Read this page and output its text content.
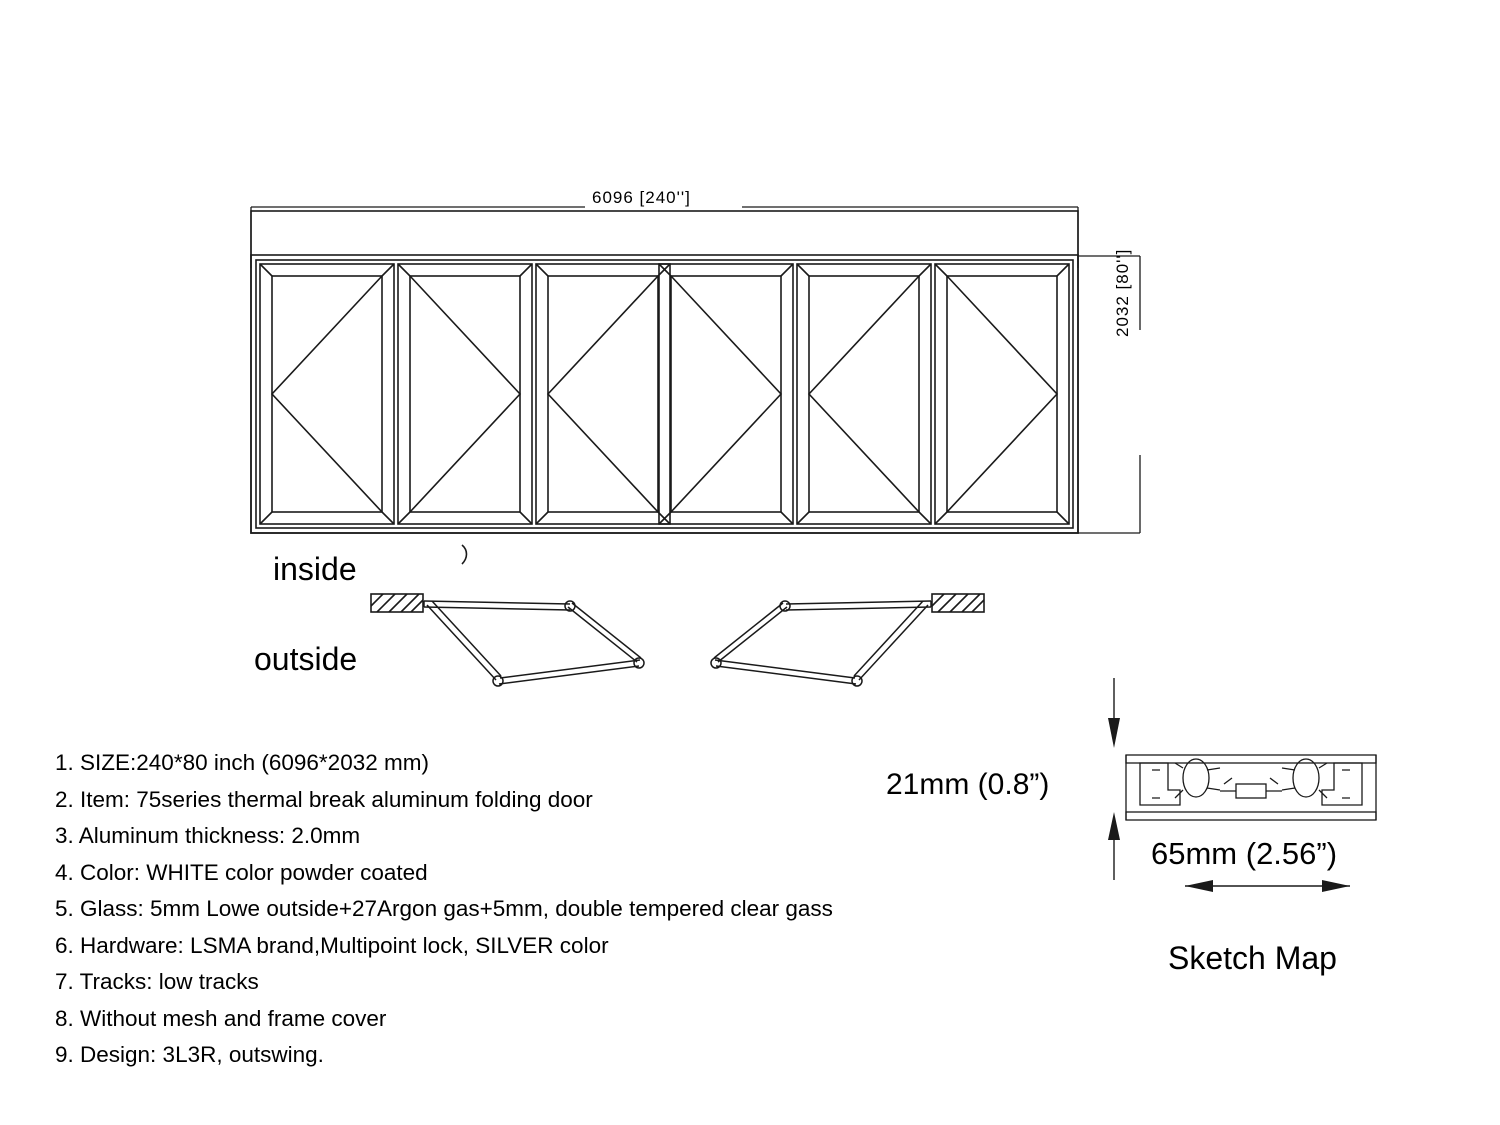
6096 [240'']
2032 [80'']
inside
outside
1. SIZE:240*80 inch (6096*2032 mm)
2. Item: 75series thermal break aluminum folding door
3. Aluminum thickness: 2.0mm
4. Color: WHITE color powder coated
5. Glass: 5mm Lowe outside+27Argon gas+5mm, double tempered clear gass
6. Hardware: LSMA brand,Multipoint lock, SILVER color
7. Tracks: low tracks
8. Without mesh and frame cover
9. Design: 3L3R, outswing.
21mm (0.8”)
65mm (2.56”)
Sketch Map
